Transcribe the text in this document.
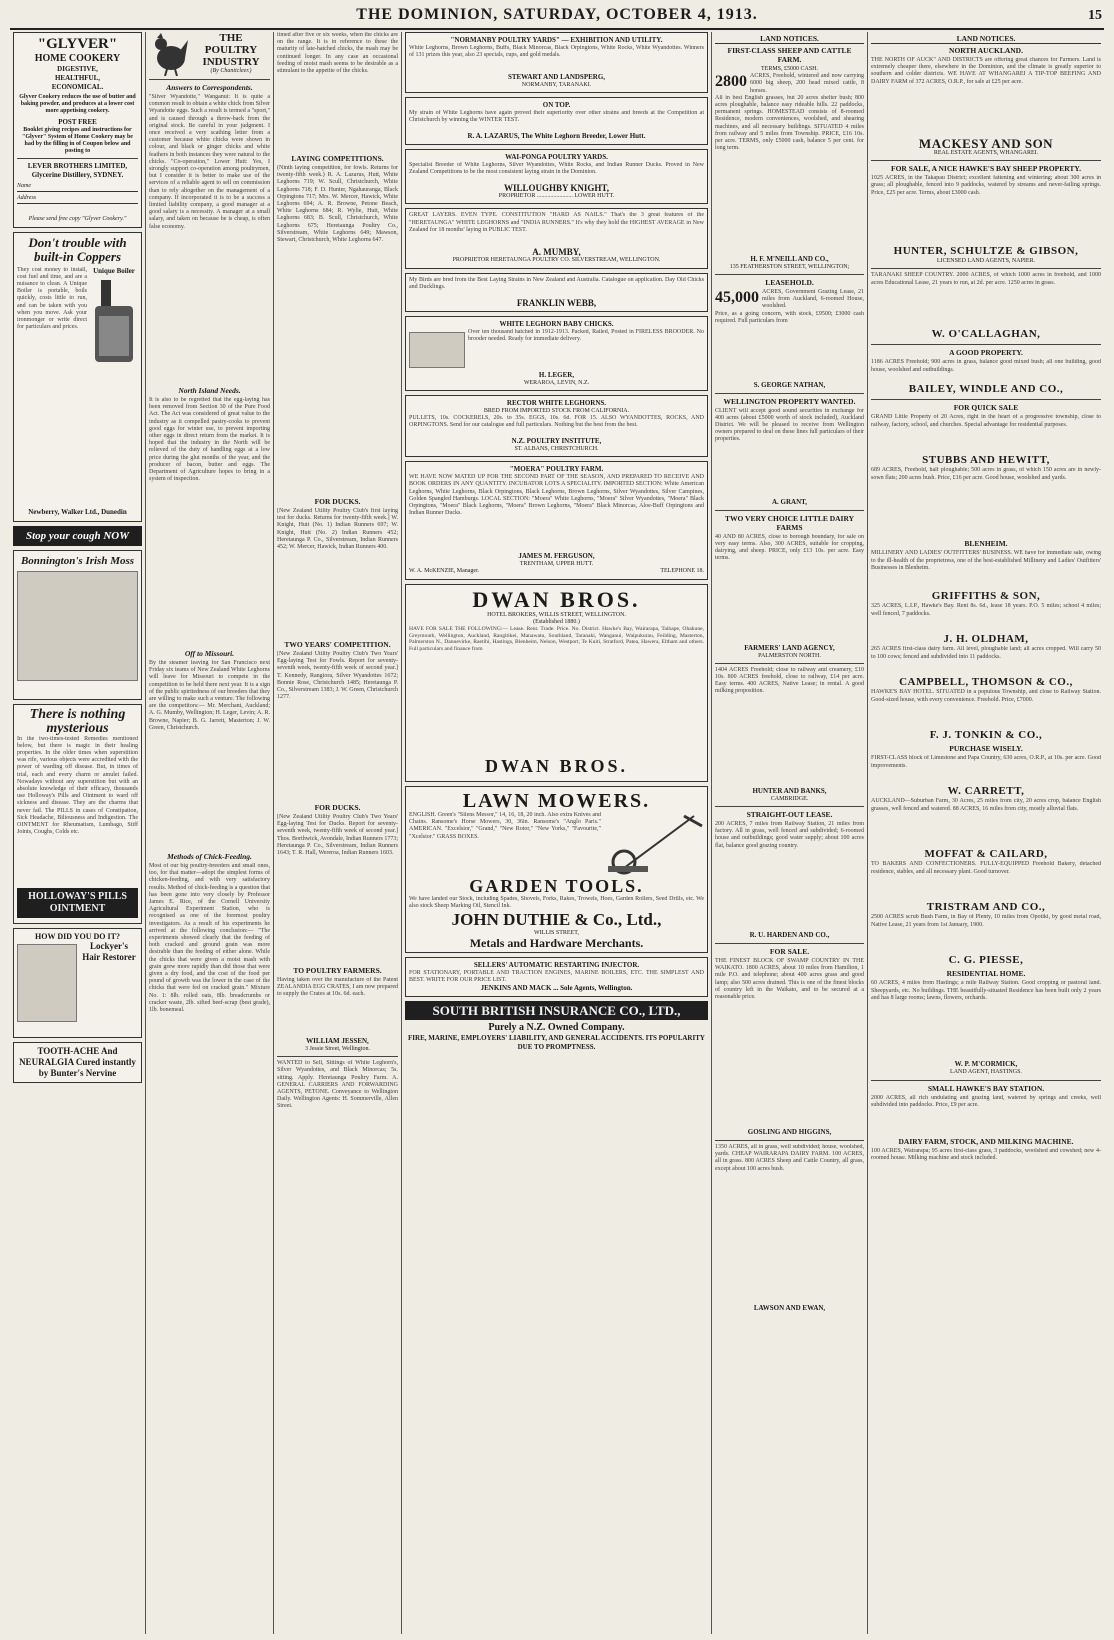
THE DOMINION, SATURDAY, OCTOBER 4, 1913.	15
"GLYVER"
HOME COOKERY
DIGESTIVE,
HEALTHFUL,
ECONOMICAL.
Glyver Cookery reduces the use of butter and baking powder, and produces at a lower cost more appetising cookery.
POST FREE
Booklet giving recipes and instructions for "Glyver" System of Home Cookery may be had by the filling in of Coupon below and posting to
LEVER BROTHERS LIMITED, Glycerine Distillery, SYDNEY.
Name
Address
Please send free copy "Glyver Cookery."
Don't trouble with built-in Coppers
They cost money to install, cost fuel and time, and are a nuisance to clean. A Unique Boiler is portable, boils quickly, costs little to run, and can be taken with you when you move. Ask your ironmonger or write direct for particulars and prices.
Unique Boiler
Newberry, Walker Ltd., Dunedin
Stop your cough NOW
Bonnington's Irish Moss
There is nothing mysterious
In the two-times-tested Remedies mentioned below, but there is magic in their healing properties. In the older times when superstition was rife, various objects were accredited with the power of warding off disease. But, in times of trial, each and every charm or amulet failed. Nowadays without any superstition but with an absolute knowledge of their efficacy, thousands use Holloway's Pills and Ointment to ward off sickness and disease. They are the charms that never fail. The PILLS in cases of Constipation, Sick Headache, Biliousness and Indigestion. The OINTMENT for Rheumatism, Lumbago, Stiff Joints, Coughs, Colds etc.
HOLLOWAY'S PILLS OINTMENT
HOW DID YOU DO IT?
Lockyer's Hair Restorer
TOOTH-ACHE And NEURALGIA Cured instantly by Bunter's Nervine
THE POULTRY INDUSTRY
(By Chanticleer.)
Answers to Correspondents.
"Silver Wyandotte," Wanganui: It is quite a common result to obtain a white chick from Silver Wyandotte eggs. Such a result is termed a "sport," and is caused through a throw-back from the original stock. Be careful in your judgment. I once received a very scathing letter from a customer because white chicks were shown in colour, and black or ginger chicks and white feathers in both instances they were natural to the chicks. "Co-operation," Lower Hutt: Yes, I strongly support co-operation among poultrymen, but I consider it is better to make use of the services of a reliable agent to sell on commission than to rely altogether on the management of a company. If incorporated it is to be a success a limited liability company, a good manager at a good salary is a necessity. A manager at a small salary, and taken on because he is cheap, is often false economy.
North Island Needs.
It is also to be regretted that the egg-laying has been removed from Section 30 of the Pure Food Act. The Act was considered of great value to the industry as it compelled pastry-cooks to prevent good eggs for winter use, to prevent importing other eggs in direct return from the market. It is hoped that the industry in the North will be relieved of the duty of handling eggs at a low price during the glut months of the year, and the producer of bacon, butter and eggs. The Department of Agriculture hopes to bring in a system of inspection.
Off to Missouri.
By the steamer leaving for San Francisco next Friday six teams of New Zealand White Leghorns will leave for Missouri to compete in the competition to be held there next year. It is a sign of the public spiritedness of our breeders that they are willing to make such a venture. The following are the competitors:— Mr. Merchant, Auckland; A. G. Mumby, Wellington; H. Leger, Levin; A. R. Browne, Napier; B. G. Jarrett, Masterton; J. W. Green, Christchurch.
Methods of Chick-Feeding.
Most of our big poultry-breeders and small ones, too, for that matter—adopt the simplest forms of chicken-feeding, and with very satisfactory results. Method of chick-feeding is a question that has been gone into very closely by Professor James E. Rice, of the Cornell University Agricultural Experiment Station, who is recognised as one of the foremost poultry investigators. As a result of his experiments he arrived at the following conclusion:— "The experiments showed clearly that the feeding of both cracked and ground grain was more desirable than the feeding of either alone. While the chicks that were given a moist mash with grain grew more rapidly than did those that were given a dry food, and the cost of the food per pound of growth was the lower in the case of the chicks that were fed on cracked grain." Mixture No. 1: 8lb. rolled oats, 8lb. breadcrumbs or cracker waste, 2lb. sifted beef-scrap (best grade), 1lb. bonemeal.
timed after five or six weeks, when the chicks are on the range. It is in reference to these the maturity of late-hatched chicks, the mash may be continued longer. In any case an occasional feeding of moist mash seems to be desirable as a stimulant to the appetite of the chicks.
LAYING COMPETITIONS.
(Ninth laying competition, for fowls. Returns for twenty-fifth week.) R. A. Lazarus, Hutt, White Leghorns 719; W. Scull, Christchurch, White Leghorns 718; F. D. Hunter, Ngahauranga, Black Orpingtons 717; Mrs. W. Mercer, Hawick, White Leghorns 694; A. R. Browne, Petone Beach, White Leghorns 684; R. Wylie, Hutt, White Leghorns 683; B. Scull, Christchurch, White Leghorns 675; Heretaunga Poultry Co., Silverstream, White Leghorns 649; Mawson, Stewart, Christchurch, White Leghorns 647.
FOR DUCKS.
[New Zealand Utility Poultry Club's first laying test for ducks. Returns for twenty-fifth week.] W. Knight, Hutt (No. 1) Indian Runners 697; W. Knight, Hutt (No. 2) Indian Runners 452; Heretaunga P. Co., Silverstream, Indian Runners 452; W. Mercer, Hawick, Indian Runners 400.
TWO YEARS' COMPETITION.
[New Zealand Utility Poultry Club's Two Years' Egg-laying Test for Fowls. Report for seventy-seventh week, twenty-fifth week of second year.] T. Kennedy, Rangiora, Silver Wyandottes 1672; Bonnie Rose, Christchurch 1485; Heretaunga P. Co., Silverstream 1383; J. W. Green, Christchurch 1277.
FOR DUCKS.
[New Zealand Utility Poultry Club's Two Years' Egg-laying Test for Ducks. Report for seventy-seventh week, twenty-fifth week of second year.] Thos. Borthwick, Avondale, Indian Runners 1773; Heretaunga P. Co., Silverstream, Indian Runners 1643; T. R. Hall, Wereroa, Indian Runners 1603.
TO POULTRY FARMERS.
Having taken over the manufacture of the Patent ZEALANDIA EGG CRATES, I am now prepared to supply the Crates at 10s. 6d. each.
WILLIAM JESSEN,
3 Jessie Street, Wellington.
WANTED to Sell, Sittings of White Leghorn's, Silver Wyandottes, and Black Minorcas; 5s. sitting. Apply. Heretaunga Poultry Farm. A. GENERAL CARRIERS AND FORWARDING AGENTS, PETONE. Conveyance to Wellington Daily. Wellington Agents: H. Sommerville, Allen Street.
"NORMANBY POULTRY YARDS" — EXHIBITION AND UTILITY.
White Leghorns, Brown Leghorns, Buffs, Black Minorcas, Black Orpingtons, White Rocks, White Wyandottes. Winners of 131 prizes this year, also 23 specials, cups, and gold medals.
STEWART AND LANDSPERG,
NORMANBY, TARANAKI.
ON TOP.
My strain of White Leghorns have again proved their superiority over other strains and breeds at the Competition at Christchurch by winning the WINTER TEST.
R. A. LAZARUS, The White Leghorn Breeder, Lower Hutt.
WAI-PONGA POULTRY YARDS.
Specialist Breeder of White Leghorns, Silver Wyandottes, White Rocks, and Indian Runner Ducks. Proved in New Zealand Competitions to be the most consistent laying strain in the Dominion.
WILLOUGHBY KNIGHT,
PROPRIETOR ........................ LOWER HUTT.
GREAT LAYERS. EVEN TYPE. CONSTITUTION "HARD AS NAILS." That's the 3 great features of the "HERETAUNGA" WHITE LEGHORNS and "INDIA RUNNERS." It's why they hold the HIGHEST AVERAGE in New Zealand for 18 months' laying in PUBLIC TEST.
A. MUMBY,
PROPRIETOR HERETAUNGA POULTRY CO. SILVERSTREAM, WELLINGTON.
My Birds are bred from the Best Laying Strains in New Zealand and Australia. Catalogue on application. Day Old Chicks and Ducklings.
FRANKLIN WEBB,
WHITE LEGHORN BABY CHICKS.
Over ten thousand hatched in 1912-1913. Packed, Railed, Posted in FIRELESS BROODER. No brooder needed. Ready for immediate delivery.
H. LEGER,
WERAROA, LEVIN, N.Z.
RECTOR WHITE LEGHORNS.
BRED FROM IMPORTED STOCK FROM CALIFORNIA.
PULLETS, 10s. COCKERELS, 20s. to 35s. EGGS, 10s. 6d. FOR 15. ALSO WYANDOTTES, ROCKS, AND ORPINGTONS. Send for our catalogue and full particulars. Nothing but the best from the best.
N.Z. POULTRY INSTITUTE,
ST. ALBANS, CHRISTCHURCH.
"MOERA" POULTRY FARM.
WE HAVE NOW MATED UP FOR THE SECOND PART OF THE SEASON, AND PREPARED TO RECEIVE AND BOOK ORDERS IN ANY QUANTITY. INCUBATOR LOTS A SPECIALITY. IMPORTED SECTION: White American Leghorns, White Leghorns, Black Orpingtons, Black Leghorns, Brown Leghorns, Silver Wyandottes, Silver Campines, Golden Spangled Hamburgs. LOCAL SECTION: "Moera" White Leghorns, "Moera" Silver Wyandottes, "Moera" Black Orpingtons, "Moera" Black Leghorns, "Moera" Brown Leghorns, "Moera" Black Minorcas, Aloe-Buff Orpingtons and Indian Runner Ducks.
JAMES M. FERGUSON,
TRENTHAM, UPPER HUTT.
W. A. McKENZIE, Manager.	TELEPHONE 18.
DWAN BROS.
HOTEL BROKERS, WILLIS STREET, WELLINGTON.
(Established 1880.)
HAVE FOR SALE THE FOLLOWING:— Lease. Rent. Trade. Price. No. District. Hawke's Bay, Wairarapa, Taihape, Ohakune, Greymouth, Wellington, Auckland, Rangitikei, Manawatu, Southland, Taranaki, Wanganui, Waipukurau, Feilding, Masterton, Palmerston N., Dannevirke, Raetihi, Hastings, Blenheim, Nelson, Westport, Te Kuiti, Stratford, Patea, Hawera, Eltham and others. Full particulars and finance from
DWAN BROS.
LAWN MOWERS.
ENGLISH. Green's "Silens Messor," 14, 16, 18, 20 inch. Also extra Knives and Chains. Ransome's Horse Mowers, 30, 36in. Ransome's "Anglo Paris." AMERICAN. "Excelsior," "Grand," "New Rotor," "New Yorks," "Favourite," "Xcelsior." GRASS BOXES.
GARDEN TOOLS.
We have landed our Stock, including Spades, Shovels, Forks, Rakes, Trowels, Hoes, Garden Rollers, Seed Drills, etc. We also stock Sheep Marking Oil, Stencil Ink.
JOHN DUTHIE & Co., Ltd.,
WILLIS STREET,
Metals and Hardware Merchants.
SELLERS' AUTOMATIC RESTARTING INJECTOR.
FOR STATIONARY, PORTABLE AND TRACTION ENGINES, MARINE BOILERS, ETC. THE SIMPLEST AND BEST. WRITE FOR OUR PRICE LIST.
JENKINS AND MACK ... Sole Agents, Wellington.
SOUTH BRITISH INSURANCE CO., LTD.,
Purely a N.Z. Owned Company.
FIRE, MARINE, EMPLOYERS' LIABILITY, AND GENERAL ACCIDENTS. ITS POPULARITY DUE TO PROMPTNESS.
LAND NOTICES.
FIRST-CLASS SHEEP AND CATTLE FARM.
TERMS, £5000 CASH.
2800 ACRES, Freehold, wintered and now carrying 6000 big sheep, 200 head mixed cattle, 8 horses.
All in best English grasses, but 20 acres shelter bush; 800 acres ploughable, balance easy rideable hills. 22 paddocks, permanent springs. HOMESTEAD consists of 8-roomed Residence, modern conveniences, woolshed, and shearing machines, and all necessary buildings. SITUATED 4 miles from railway and 5 miles from Township. PRICE, £16 10s. per acre. TERMS, only £5000 cash, balance 5 per cent. for long term.
H. F. M'NEILL AND CO.,
135 FEATHERSTON STREET, WELLINGTON;
LEASEHOLD.
45,000 ACRES, Government Grazing Lease, 21 miles from Auckland, 6-roomed House, woolshed.
Price, as a going concern, with stock, £9500; £3000 cash required. Full particulars from
S. GEORGE NATHAN,
WELLINGTON PROPERTY WANTED.
CLIENT will accept good sound securities in exchange for 400 acres (about £5000 worth of stock included), Auckland District. We will be pleased to receive from Wellington owners prepared to deal on these lines full particulars of their properties.
A. GRANT,
TWO VERY CHOICE LITTLE DAIRY FARMS
40 AND 80 ACRES, close to borough boundary, for sale on very easy terms. Also, 300 ACRES, suitable for cropping, dairying, and sheep. PRICE, only £13 10s. per acre. Easy terms.
FARMERS' LAND AGENCY,
PALMERSTON NORTH.
1404 ACRES Freehold; close to railway and creamery, £10 10s. 800 ACRES freehold, close to railway, £14 per acre. Easy terms. 400 ACRES, Native Lease; in rental. A good milking proposition.
HUNTER AND BANKS,
CAMBRIDGE.
STRAIGHT-OUT LEASE.
200 ACRES, 7 miles from Railway Station, 21 miles from factory. All in grass, well fenced and subdivided; 6-roomed house and outbuildings; good water supply; about 100 acres flat, balance good grazing country.
R. U. HARDEN AND CO.,
FOR SALE.
THE FINEST BLOCK OF SWAMP COUNTRY IN THE WAIKATO. 1800 ACRES, about 10 miles from Hamilton, 1 mile P.O. and telephone; about 400 acres grass and good lamp; also 500 acres drained. This is one of the finest blocks of country left in the Waikato, and to be secured at a reasonable price.
GOSLING AND HIGGINS,
1350 ACRES, all in grass, well subdivided; house, woolshed, yards. CHEAP WAIRARAPA DAIRY FARM. 100 ACRES, all in grass. 800 ACRES Sheep and Cattle Country, all grass, except about 100 acres bush.
LAWSON AND EWAN,
LAND NOTICES.
NORTH AUCKLAND.
THE NORTH OF AUCK" AND DISTRICTS are offering great chances for Farmers. Land is extremely cheaper there, elsewhere in the Dominion, and the climate is greatly superior to southern and colder districts. WE HAVE AT WHANGAREI A TIP-TOP BEEFING AND DAIRY FARM of 372 ACRES, O.R.P., for sale at £25 per acre.
MACKESY AND SON
REAL ESTATE AGENTS, WHANGAREI.
FOR SALE, A NICE HAWKE'S BAY SHEEP PROPERTY.
1025 ACRES, in the Takapau District; excellent fattening and wintering; about 300 acres in grass; all ploughable, fenced into 9 paddocks, watered by streams and never-failing springs. Price, £25 per acre. Terms, about £3000 cash.
HUNTER, SCHULTZE & GIBSON,
LICENSED LAND AGENTS, NAPIER.
TARANAKI SHEEP COUNTRY. 2000 ACRES, of which 1000 acres in freehold, and 1000 acres Educational Lease, 21 years to run, at 2d. per acre. 1250 acres in grass.
W. O'CALLAGHAN,
A GOOD PROPERTY.
1186 ACRES Freehold; 900 acres in grass, balance good mixed bush; all one building, good house, woolshed and outbuildings.
BAILEY, WINDLE AND CO.,
FOR QUICK SALE
GRAND Little Property of 20 Acres, right in the heart of a progressive township, close to railway, factory, school, and churches. Special advantage for residential purposes.
STUBBS AND HEWITT,
689 ACRES, Freehold, half ploughable; 500 acres in grass, of which 150 acres are in newly-sown flats; 200 acres bush. Price, £16 per acre. Good house, woolshed and yards.
BLENHEIM.
MILLINERY AND LADIES' OUTFITTERS' BUSINESS. WE have for immediate sale, owing to the ill-health of the proprietress, one of the best-established Millinery and Ladies' Outfitters' Businesses in Blenheim.
GRIFFITHS & SON,
325 ACRES, L.I.P., Hawke's Bay. Rent 8s. 6d., lease 18 years. P.O. 5 miles; school 4 miles; well fenced, 7 paddocks.
J. H. OLDHAM,
265 ACRES first-class dairy farm. All level, ploughable land; all acres cropped. Will carry 50 to 100 cows; fenced and subdivided into 11 paddocks.
CAMPBELL, THOMSON & CO.,
HAWKE'S BAY HOTEL. SITUATED in a populous Township, and close to Railway Station. Good-sized house, with every convenience. Freehold. Price, £7000.
F. J. TONKIN & CO.,
PURCHASE WISELY.
FIRST-CLASS block of Limestone and Papa Country, 630 acres, O.R.P., at 10s. per acre. Good improvements.
W. CARRETT,
AUCKLAND—Suburban Farm, 30 Acres, 25 miles from city, 20 acres crop, balance English grasses, well fenced and watered. 88 ACRES, 16 miles from city, mostly alluvial flats.
MOFFAT & CAILARD,
TO BAKERS AND CONFECTIONERS. FULLY-EQUIPPED Freehold Bakery, detached residence, stables, and all necessary plant. Good turnover.
TRISTRAM AND CO.,
2500 ACRES scrub Bush Farm, in Bay of Plenty, 10 miles from Opotiki, by good metal road, Native Lease, 21 years from 1st January, 1900.
C. G. PIESSE,
RESIDENTIAL HOME.
60 ACRES, 4 miles from Hastings; a mile Railway Station. Good cropping or pastoral land. Sheepyards, etc. No buildings. THE beautifully-situated Residence has been built only 2 years and has 8 large rooms; lawns, flowers, orchards.
W. P. M'CORMICK,
LAND AGENT, HASTINGS.
SMALL HAWKE'S BAY STATION.
2000 ACRES, all rich undulating and grazing land, watered by springs and creeks, well subdivided into paddocks. Price, £9 per acre.
DAIRY FARM, STOCK, AND MILKING MACHINE.
100 ACRES, Wairarapa; 95 acres first-class grass, 3 paddocks, woolshed and cowshed; new 4-roomed house. Milking machine and stock included.
